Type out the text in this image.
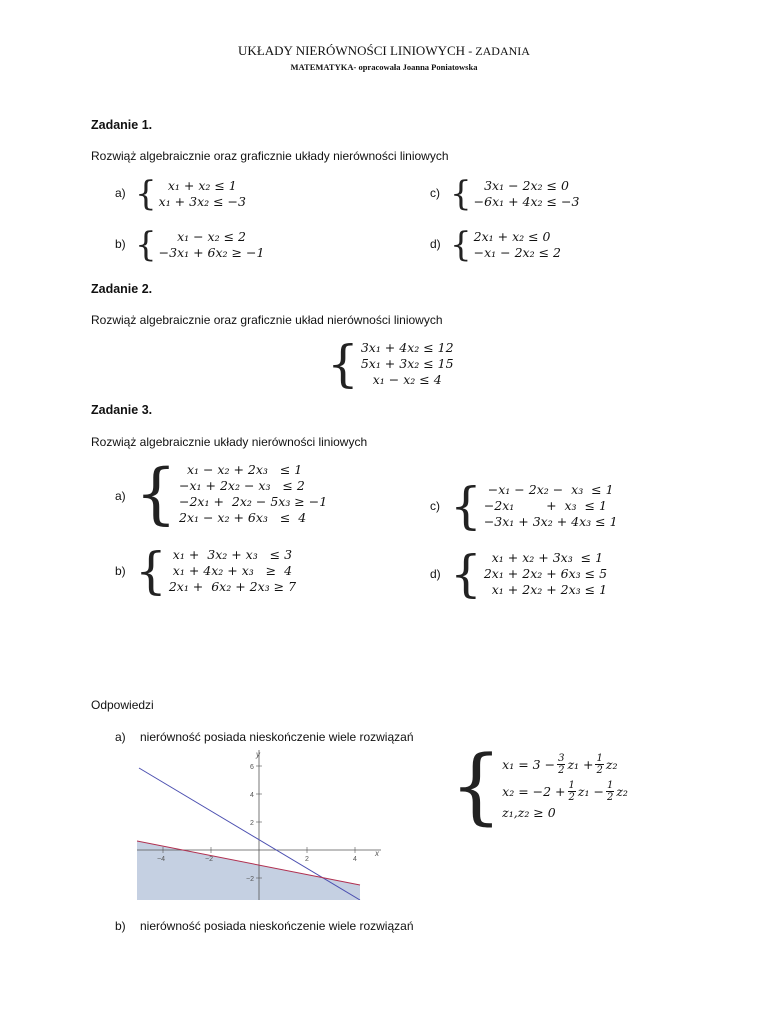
UKŁADY NIERÓWNOŚCI LINIOWYCH - ZADANIA
MATEMATYKA- opracowała Joanna Poniatowska
Zadanie 1.
Rozwiąż algebraicznie oraz graficznie układy nierówności liniowych
a) { x₁ + x₂ ≤ 1
x₁ + 3x₂ ≤ −3
c) { 3x₁ − 2x₂ ≤ 0
−6x₁ + 4x₂ ≤ −3
b) {	x₁ − x₂ ≤ 2
−3x₁ + 6x₂ ≥ −1
d) { 2x₁ + x₂ ≤ 0
−x₁ − 2x₂ ≤ 2
Zadanie 2.
Rozwiąż algebraicznie oraz graficznie układ nierówności liniowych
{ 3x₁ + 4x₂ ≤ 12
5x₁ + 3x₂ ≤ 15
x₁ − x₂ ≤ 4
Zadanie 3.
Rozwiąż algebraicznie układy nierówności liniowych
a) { x₁ − x₂ + 2x₃   ≤ 1
−x₁ + 2x₂ − x₃   ≤ 2
−2x₁ +  2x₂ − 5x₃ ≥ −1
2x₁ − x₂ + 6x₃   ≤  4
c) { −x₁ − 2x₂ −  x₃  ≤ 1
−2x₁        +  x₃  ≤ 1
−3x₁ + 3x₂ + 4x₃ ≤ 1
b) { x₁ +  3x₂ + x₃   ≤ 3
x₁ + 4x₂ + x₃   ≥  4
2x₁ +  6x₂ + 2x₃ ≥ 7
d) { x₁ + x₂ + 3x₃  ≤ 1
2x₁ + 2x₂ + 6x₃ ≤ 5
x₁ + 2x₂ + 2x₃ ≤ 1
Odpowiedzi
a) nierówność posiada nieskończenie wiele rozwiązań
x
y
−4	−2	2	4
6
4
2
−2
{ $x_1 = 3 - \frac{3}{2} z_1 + \frac{1}{2} z_2$
$x_2 = -2 + \frac{1}{2} z_1 - \frac{1}{2} z_2$
z₁,z₂ ≥ 0
b) nierówność posiada nieskończenie wiele rozwiązań
